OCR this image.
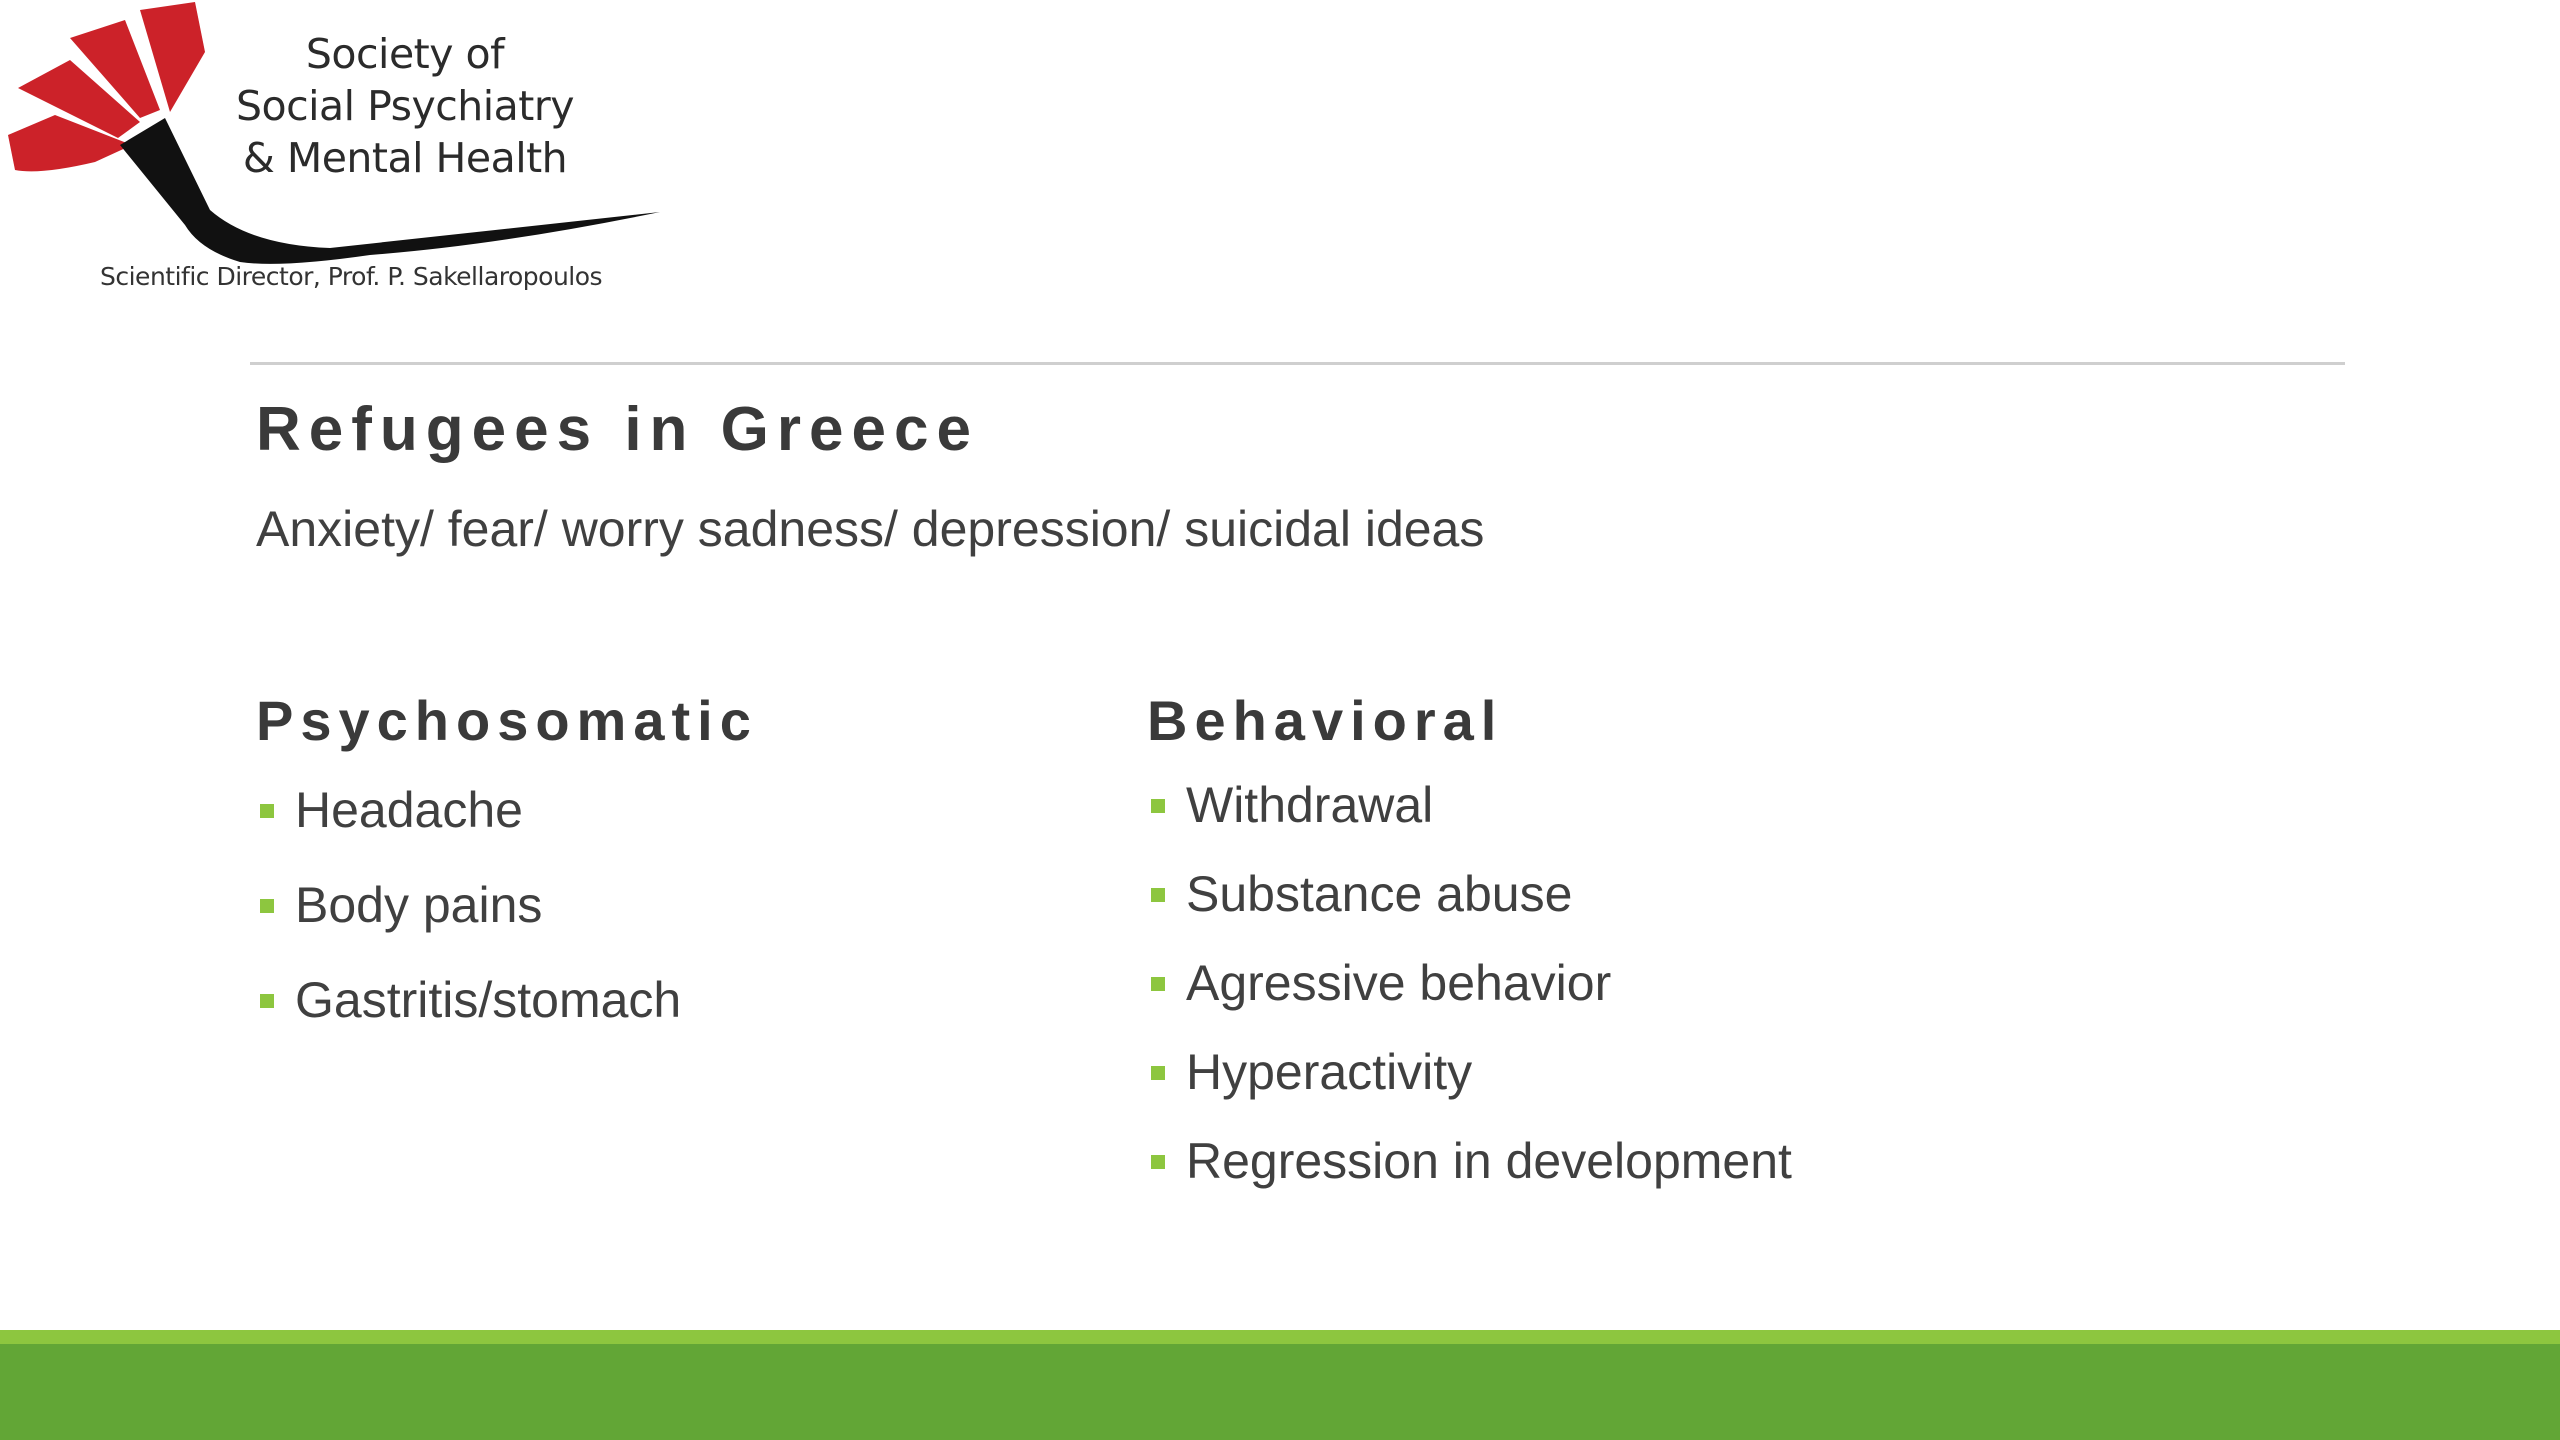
Society of
Social Psychiatry
& Mental Health
Scientific Director, Prof. P. Sakellaropoulos
Refugees in Greece
Anxiety/ fear/ worry sadness/ depression/ suicidal ideas
Psychosomatic
Headache
Body pains
Gastritis/stomach
Behavioral
Withdrawal
Substance abuse
Agressive behavior
Hyperactivity
Regression in development
